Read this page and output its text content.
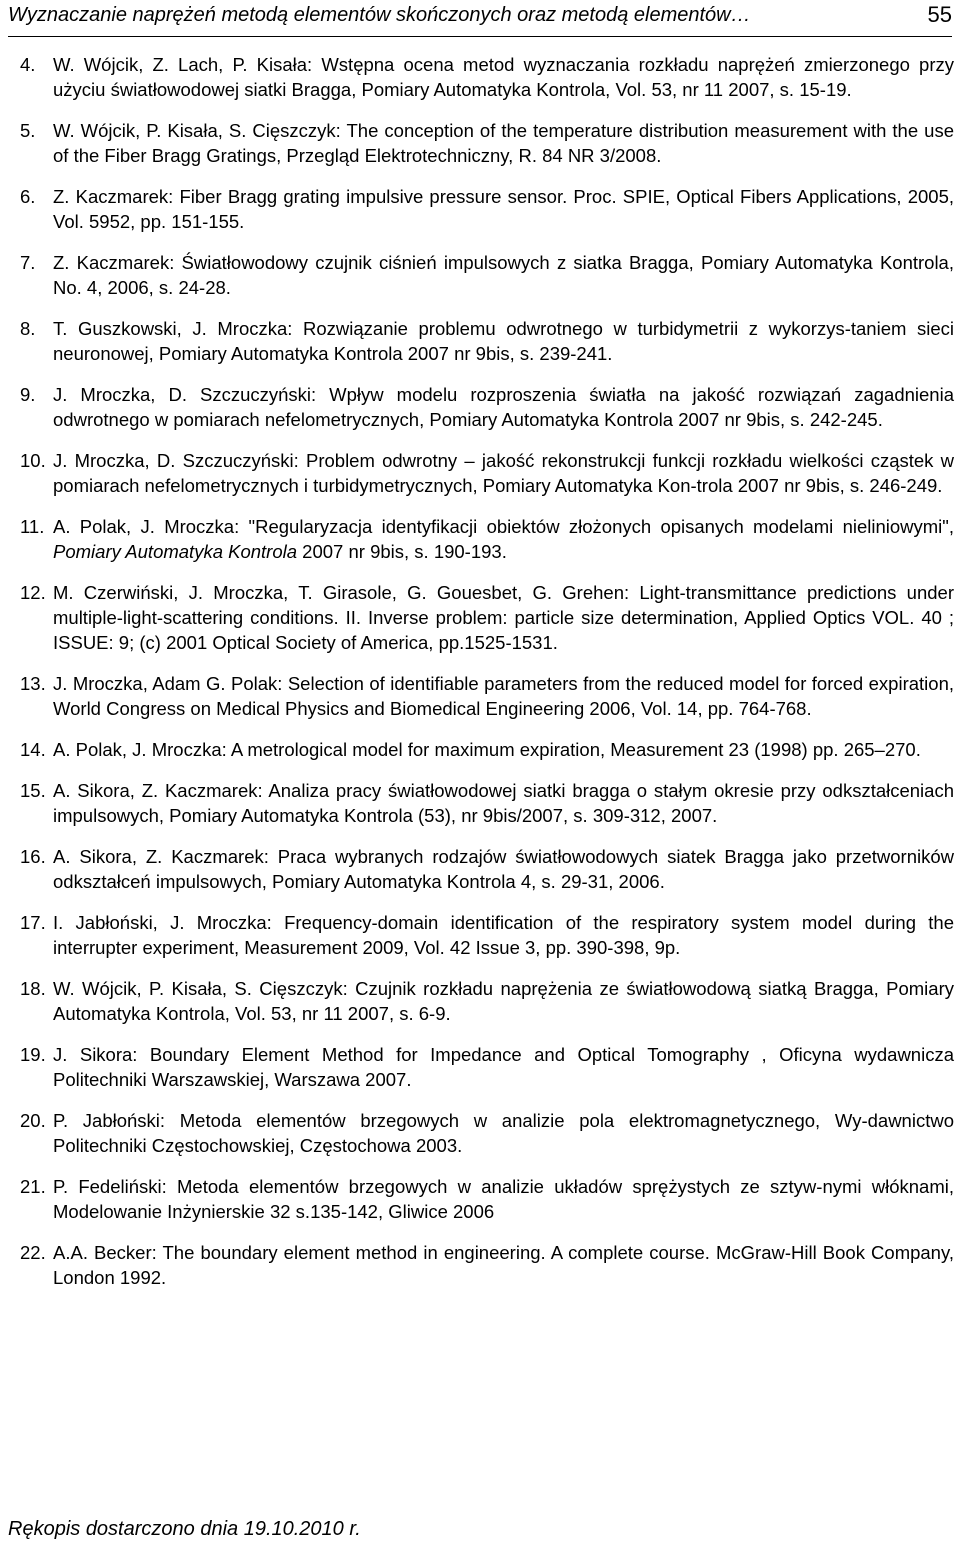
Wyznaczanie naprężeń metodą elementów skończonych oraz metodą elementów…	55
4. W. Wójcik, Z. Lach, P. Kisała: Wstępna ocena metod wyznaczania rozkładu naprężeń zmierzonego przy użyciu światłowodowej siatki Bragga, Pomiary Automatyka Kontrola, Vol. 53, nr 11 2007, s. 15-19.
5. W. Wójcik, P. Kisała, S. Cięszczyk: The conception of the temperature distribution measurement with the use of the Fiber Bragg Gratings, Przegląd Elektrotechniczny, R. 84 NR 3/2008.
6. Z. Kaczmarek: Fiber Bragg grating impulsive pressure sensor. Proc. SPIE, Optical Fibers Applications, 2005, Vol. 5952, pp. 151-155.
7. Z. Kaczmarek: Światłowodowy czujnik ciśnień impulsowych z siatka Bragga, Pomiary Automatyka Kontrola, No. 4, 2006, s. 24-28.
8. T. Guszkowski, J. Mroczka: Rozwiązanie problemu odwrotnego w turbidymetrii z wykorzys-taniem sieci neuronowej, Pomiary Automatyka Kontrola 2007 nr 9bis, s. 239-241.
9. J. Mroczka, D. Szczuczyński: Wpływ modelu rozproszenia światła na jakość rozwiązań zagadnienia odwrotnego w pomiarach nefelometrycznych, Pomiary Automatyka Kontrola 2007 nr 9bis, s. 242-245.
10. J. Mroczka, D. Szczuczyński: Problem odwrotny – jakość rekonstrukcji funkcji rozkładu wielkości cząstek w pomiarach nefelometrycznych i turbidymetrycznych, Pomiary Automatyka Kon-trola 2007 nr 9bis, s. 246-249.
11. A. Polak, J. Mroczka: "Regularyzacja identyfikacji obiektów złożonych opisanych modelami nieliniowymi", Pomiary Automatyka Kontrola 2007 nr 9bis, s. 190-193.
12. M. Czerwiński, J. Mroczka, T. Girasole, G. Gouesbet, G. Grehen: Light-transmittance predictions under multiple-light-scattering conditions. II. Inverse problem: particle size determination, Applied Optics VOL. 40 ; ISSUE: 9; (c) 2001 Optical Society of America, pp.1525-1531.
13. J. Mroczka, Adam G. Polak: Selection of identifiable parameters from the reduced model for forced expiration, World Congress on Medical Physics and Biomedical Engineering 2006, Vol. 14, pp. 764-768.
14. A. Polak, J. Mroczka: A metrological model for maximum expiration, Measurement 23 (1998) pp. 265–270.
15. A. Sikora, Z. Kaczmarek: Analiza pracy światłowodowej siatki bragga o stałym okresie przy odkształceniach impulsowych, Pomiary Automatyka Kontrola (53), nr 9bis/2007, s. 309-312, 2007.
16. A. Sikora, Z. Kaczmarek: Praca wybranych rodzajów światłowodowych siatek Bragga jako przetworników odkształceń impulsowych, Pomiary Automatyka Kontrola 4, s. 29-31, 2006.
17. I. Jabłoński, J. Mroczka: Frequency-domain identification of the respiratory system model during the interrupter experiment, Measurement 2009, Vol. 42 Issue 3, pp. 390-398, 9p.
18. W. Wójcik, P. Kisała, S. Cięszczyk: Czujnik rozkładu naprężenia ze światłowodową siatką Bragga, Pomiary Automatyka Kontrola, Vol. 53, nr 11 2007, s. 6-9.
19. J. Sikora: Boundary Element Method for Impedance and Optical Tomography , Oficyna wydawnicza Politechniki Warszawskiej, Warszawa 2007.
20. P. Jabłoński: Metoda elementów brzegowych w analizie pola elektromagnetycznego, Wy-dawnictwo Politechniki Częstochowskiej, Częstochowa 2003.
21. P. Fedeliński: Metoda elementów brzegowych w analizie układów sprężystych ze sztyw-nymi włóknami, Modelowanie Inżynierskie 32 s.135-142, Gliwice 2006
22. A.A. Becker: The boundary element method in engineering. A complete course. McGraw-Hill Book Company, London 1992.
Rękopis dostarczono dnia 19.10.2010 r.
